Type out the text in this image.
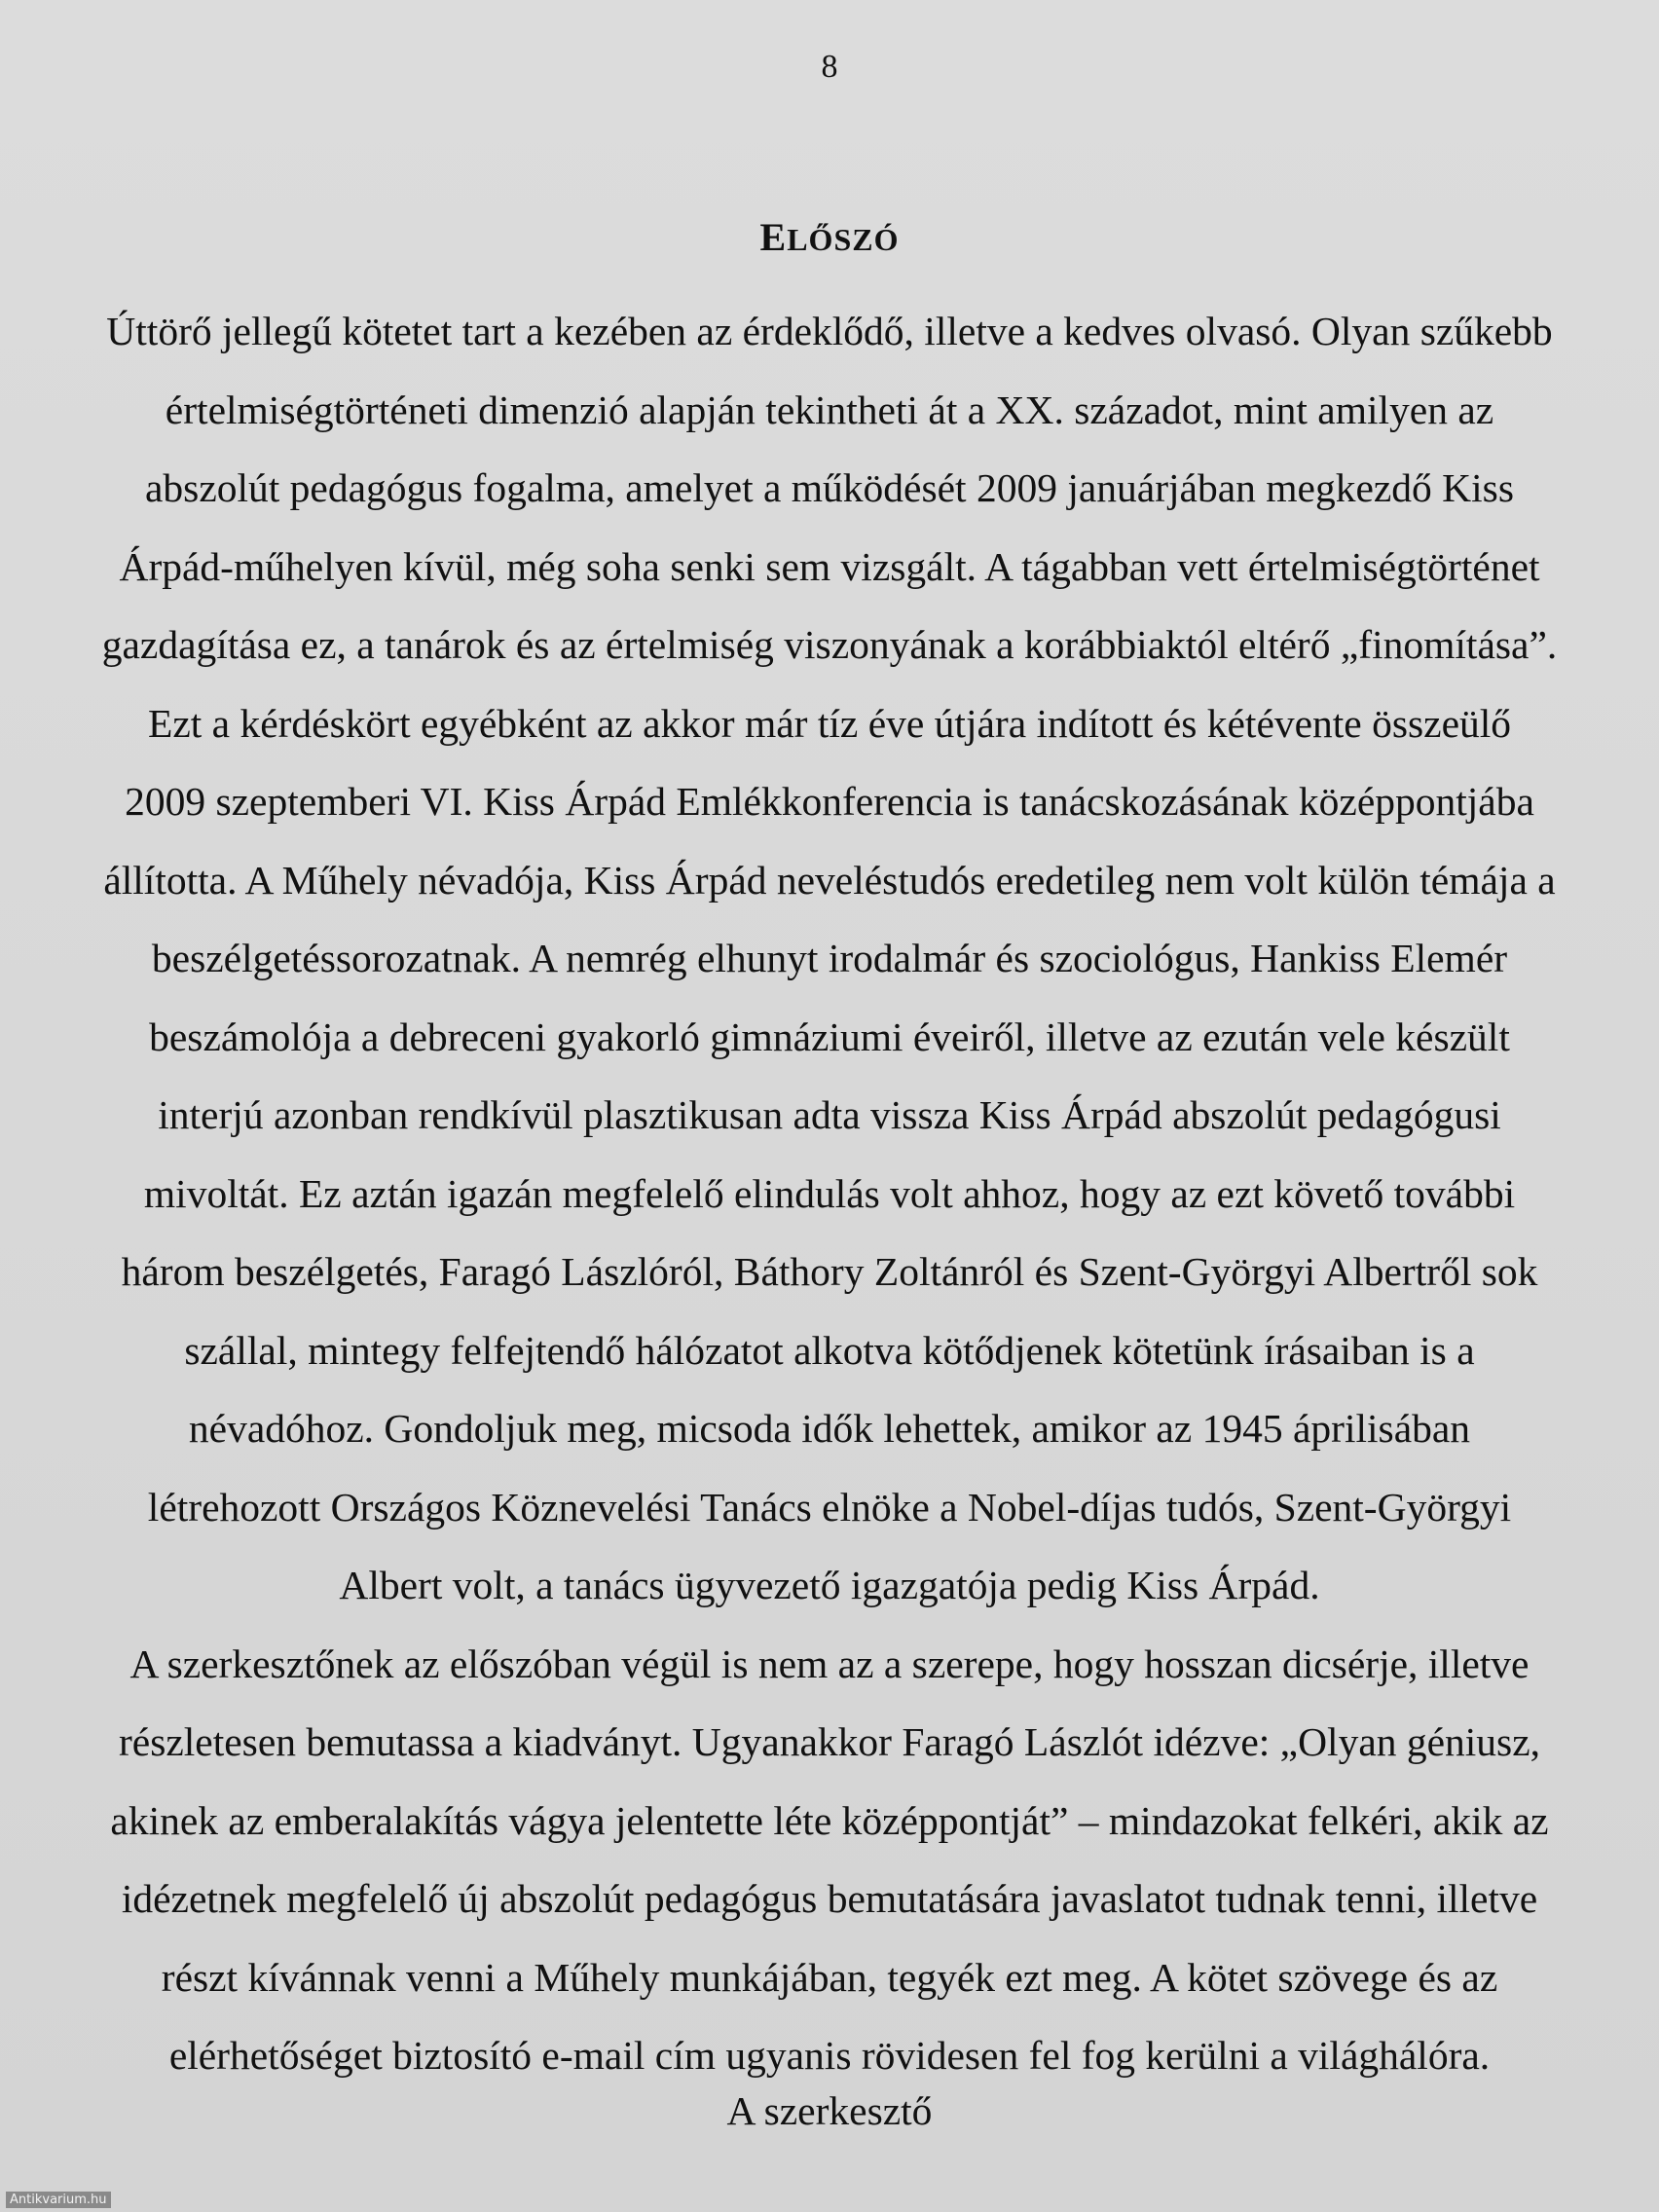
8
ELŐSZÓ
Úttörő jellegű kötetet tart a kezében az érdeklődő, illetve a kedves olvasó. Olyan szűkebb
értelmiségtörténeti dimenzió alapján tekintheti át a XX. századot, mint amilyen az
abszolút pedagógus fogalma, amelyet a működését 2009 januárjában megkezdő Kiss
Árpád-műhelyen kívül, még soha senki sem vizsgált. A tágabban vett értelmiségtörténet
gazdagítása ez, a tanárok és az értelmiség viszonyának a korábbiaktól eltérő „finomítása”.
Ezt a kérdéskört egyébként az akkor már tíz éve útjára indított és kétévente összeülő
2009 szeptemberi VI. Kiss Árpád Emlékkonferencia is tanácskozásának középpontjába
állította. A Műhely névadója, Kiss Árpád neveléstudós eredetileg nem volt külön témája a
beszélgetéssorozatnak. A nemrég elhunyt irodalmár és szociológus, Hankiss Elemér
beszámolója a debreceni gyakorló gimnáziumi éveiről, illetve az ezután vele készült
interjú azonban rendkívül plasztikusan adta vissza Kiss Árpád abszolút pedagógusi
mivoltát. Ez aztán igazán megfelelő elindulás volt ahhoz, hogy az ezt követő további
három beszélgetés, Faragó Lászlóról, Báthory Zoltánról és Szent-Györgyi Albertről sok
szállal, mintegy felfejtendő hálózatot alkotva kötődjenek kötetünk írásaiban is a
névadóhoz. Gondoljuk meg, micsoda idők lehettek, amikor az 1945 áprilisában
létrehozott Országos Köznevelési Tanács elnöke a Nobel-díjas tudós, Szent-Györgyi
Albert volt, a tanács ügyvezető igazgatója pedig Kiss Árpád.
A szerkesztőnek az előszóban végül is nem az a szerepe, hogy hosszan dicsérje, illetve
részletesen bemutassa a kiadványt. Ugyanakkor Faragó Lászlót idézve: „Olyan géniusz,
akinek az emberalakítás vágya jelentette léte középpontját” – mindazokat felkéri, akik az
idézetnek megfelelő új abszolút pedagógus bemutatására javaslatot tudnak tenni, illetve
részt kívánnak venni a Műhely munkájában, tegyék ezt meg. A kötet szövege és az
elérhetőséget biztosító e-mail cím ugyanis rövidesen fel fog kerülni a világhálóra.
A szerkesztő
Antikvarium.hu
